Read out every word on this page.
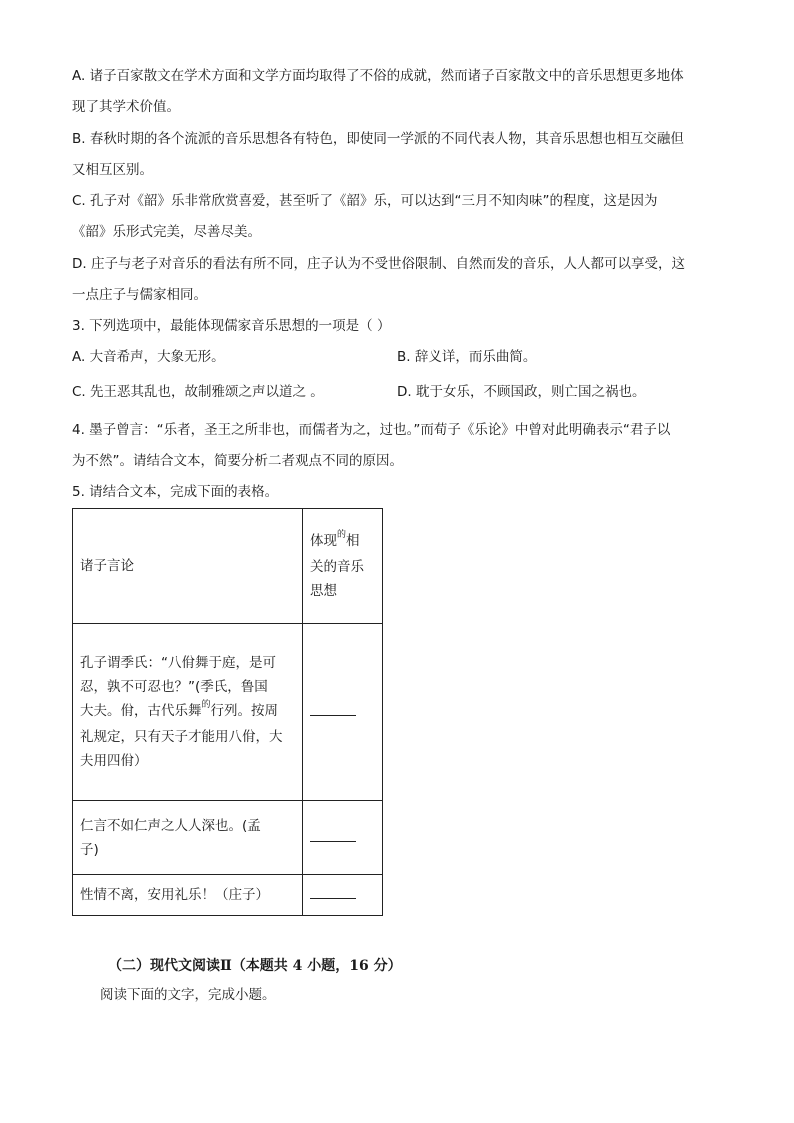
A. 诸子百家散文在学术方面和文学方面均取得了不俗的成就，然而诸子百家散文中的音乐思想更多地体
现了其学术价值。
B. 春秋时期的各个流派的音乐思想各有特色，即使同一学派的不同代表人物，其音乐思想也相互交融但
又相互区别。
C. 孔子对《韶》乐非常欣赏喜爱，甚至听了《韶》乐，可以达到“三月不知肉味”的程度，这是因为
《韶》乐形式完美，尽善尽美。
D. 庄子与老子对音乐的看法有所不同，庄子认为不受世俗限制、自然而发的音乐，人人都可以享受，这
一点庄子与儒家相同。
3. 下列选项中，最能体现儒家音乐思想的一项是（ ）
A. 大音希声，大象无形。	B. 辞义详，而乐曲简。
C. 先王恶其乱也，故制雅颂之声以道之 。	D. 耽于女乐，不顾国政，则亡国之祸也。
4. 墨子曾言：“乐者，圣王之所非也，而儒者为之，过也。”而荀子《乐论》中曾对此明确表示“君子以
为不然”。请结合文本，简要分析二者观点不同的原因。
5. 请结合文本，完成下面的表格。
诸子言论	体现$^的$相
关的音乐
思想

孔子谓季氏：“八佾舞于庭，是可
忍，孰不可忍也？”(季氏，鲁国
大夫。佾，古代乐舞$^的$行列。按周
礼规定，只有天子才能用八佾，大
夫用四佾）	

仁言不如仁声之人人深也。(孟
子)	

性情不离，安用礼乐！（庄子）	

（二）现代文阅读Ⅱ（本题共 4 小题，16 分）
阅读下面的文字，完成小题。
